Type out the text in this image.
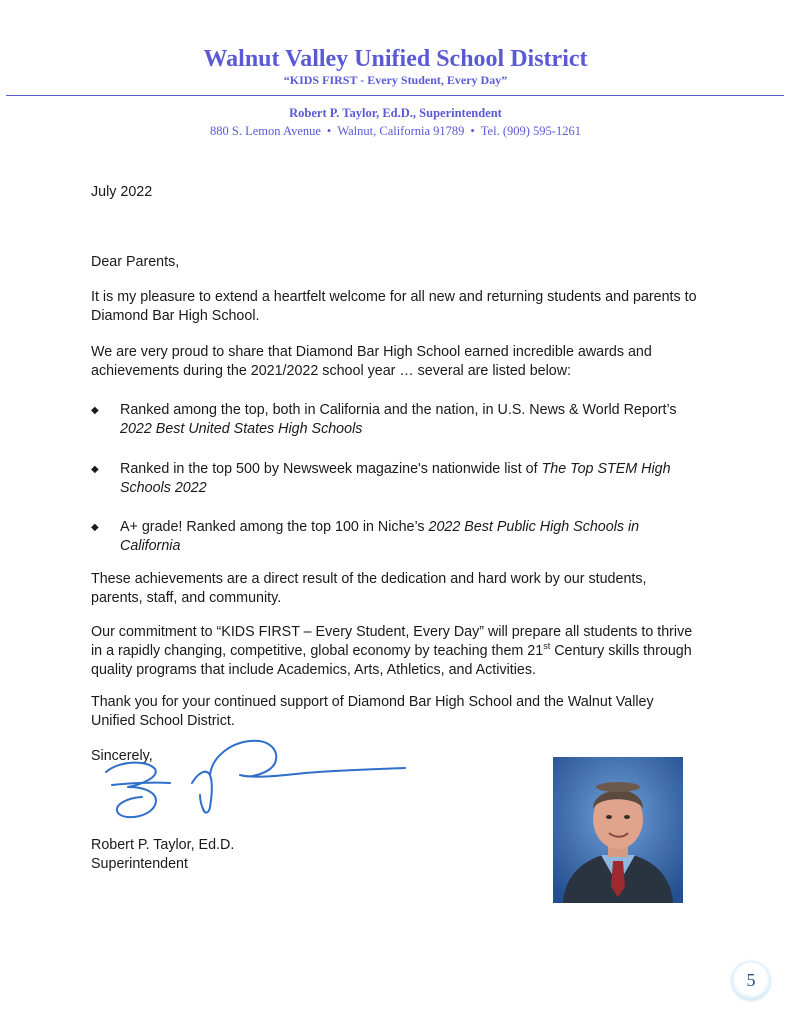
Walnut Valley Unified School District
“KIDS FIRST - Every Student, Every Day”
Robert P. Taylor, Ed.D., Superintendent
880 S. Lemon Avenue • Walnut, California 91789 • Tel. (909) 595-1261
July 2022
Dear Parents,
It is my pleasure to extend a heartfelt welcome for all new and returning students and parents to Diamond Bar High School.
We are very proud to share that Diamond Bar High School earned incredible awards and achievements during the 2021/2022 school year … several are listed below:
◆ Ranked among the top, both in California and the nation, in U.S. News & World Report’s 2022 Best United States High Schools
◆ Ranked in the top 500 by Newsweek magazine's nationwide list of The Top STEM High Schools 2022
◆ A+ grade! Ranked among the top 100 in Niche’s 2022 Best Public High Schools in California
These achievements are a direct result of the dedication and hard work by our students, parents, staff, and community.
Our commitment to “KIDS FIRST – Every Student, Every Day” will prepare all students to thrive in a rapidly changing, competitive, global economy by teaching them 21st Century skills through quality programs that include Academics, Arts, Athletics, and Activities.
Thank you for your continued support of Diamond Bar High School and the Walnut Valley Unified School District.
Sincerely,
Robert P. Taylor, Ed.D.
Superintendent
5
